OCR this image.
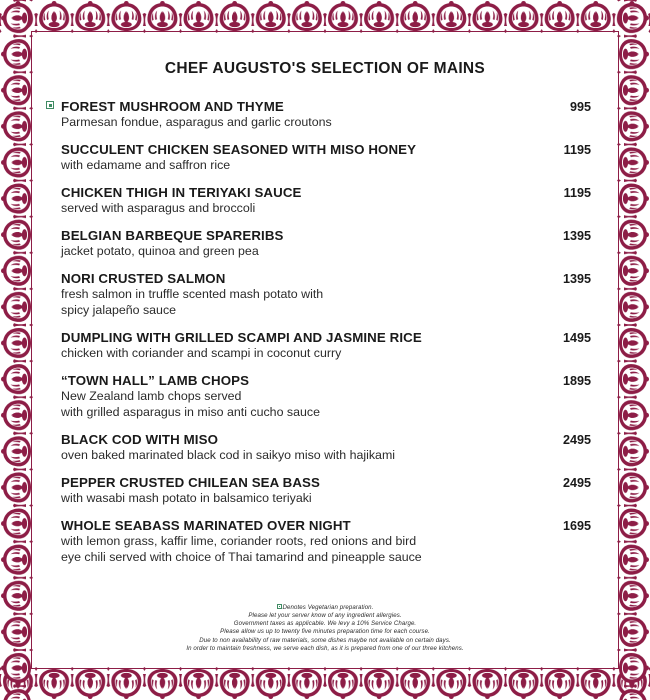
CHEF AUGUSTO'S SELECTION OF MAINS
FOREST MUSHROOM AND THYME	995
Parmesan fondue, asparagus and garlic croutons
SUCCULENT CHICKEN SEASONED WITH MISO HONEY	1195
with edamame and saffron rice
CHICKEN THIGH IN TERIYAKI SAUCE	1195
served with asparagus and broccoli
BELGIAN BARBEQUE SPARERIBS	1395
jacket potato, quinoa and green pea
NORI CRUSTED SALMON	1395
fresh salmon in truffle scented mash potato with
spicy jalapeño sauce
DUMPLING WITH GRILLED SCAMPI AND JASMINE RICE	1495
chicken with coriander and scampi in coconut curry
“TOWN HALL” LAMB CHOPS	1895
New Zealand lamb chops served
with grilled asparagus in miso anti cucho sauce
BLACK COD WITH MISO	2495
oven baked marinated black cod in saikyo miso with hajikami
PEPPER CRUSTED CHILEAN SEA BASS	2495
with wasabi mash potato in balsamico teriyaki
WHOLE SEABASS MARINATED OVER NIGHT	1695
with lemon grass, kaffir lime, coriander roots, red onions and bird
eye chili served with choice of Thai tamarind and pineapple sauce
Denotes Vegetarian preparation.
Please let your server know of any ingredient allergies.
Government taxes as applicable. We levy a 10% Service Charge.
Please allow us up to twenty five minutes preparation time for each course.
Due to non availability of raw materials, some dishes maybe not available on certain days.
In order to maintain freshness, we serve each dish, as it is prepared from one of our three kitchens.
